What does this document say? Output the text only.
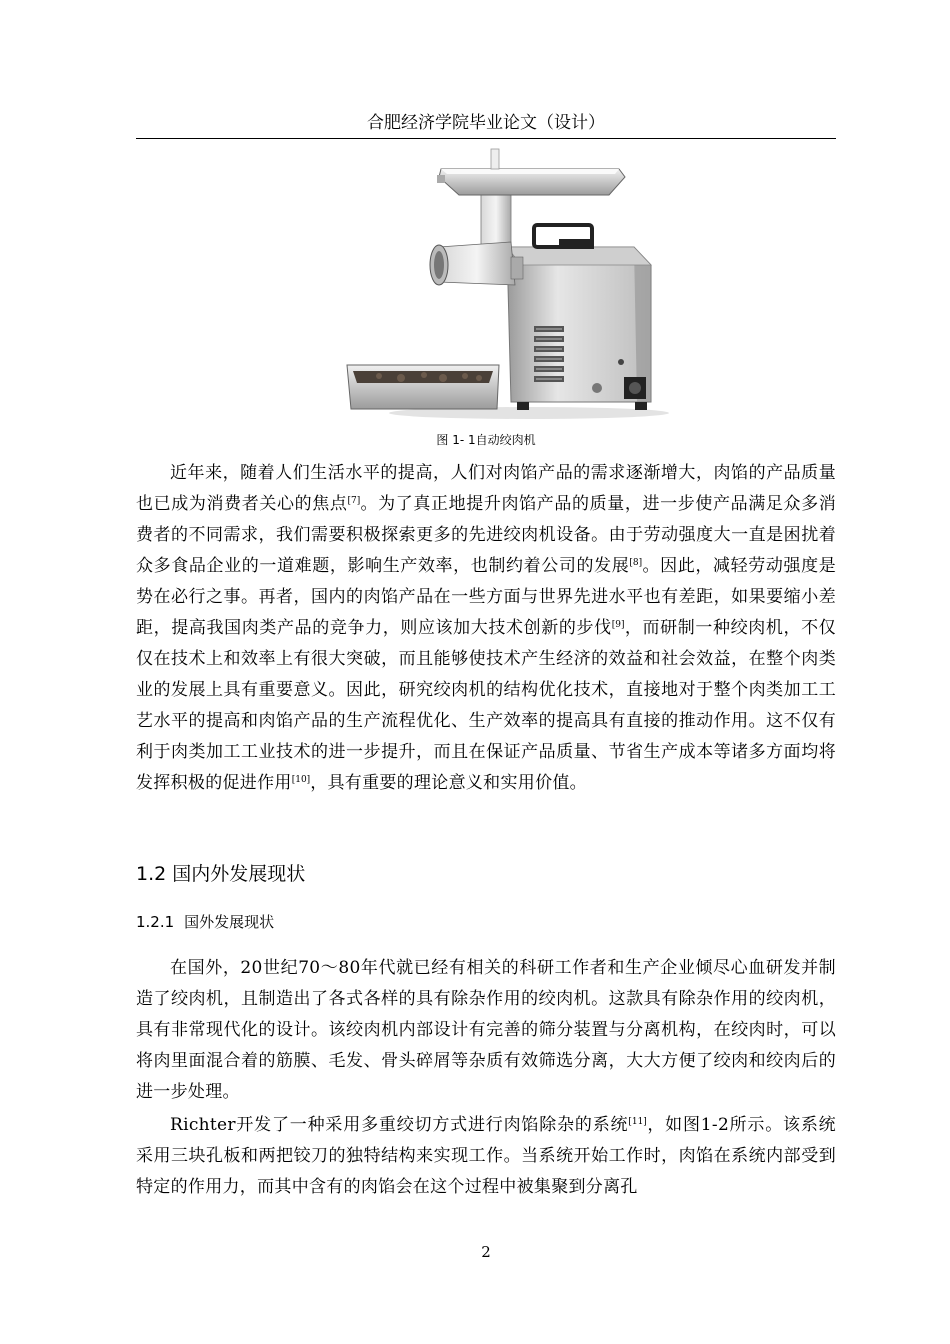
合肥经济学院毕业论文（设计）
图 1- 1自动绞肉机

近年来，随着人们生活水平的提高，人们对肉馅产品的需求逐渐增大，肉馅的产品质量也已成为消费者关心的焦点[7]。为了真正地提升肉馅产品的质量，进一步使产品满足众多消费者的不同需求，我们需要积极探索更多的先进绞肉机设备。由于劳动强度大一直是困扰着众多食品企业的一道难题，影响生产效率，也制约着公司的发展[8]。因此，减轻劳动强度是势在必行之事。再者，国内的肉馅产品在一些方面与世界先进水平也有差距，如果要缩小差距，提高我国肉类产品的竞争力，则应该加大技术创新的步伐[9]，而研制一种绞肉机，不仅仅在技术上和效率上有很大突破，而且能够使技术产生经济的效益和社会效益，在整个肉类业的发展上具有重要意义。因此，研究绞肉机的结构优化技术，直接地对于整个肉类加工工艺水平的提高和肉馅产品的生产流程优化、生产效率的提高具有直接的推动作用。这不仅有利于肉类加工工业技术的进一步提升，而且在保证产品质量、节省生产成本等诸多方面均将发挥积极的促进作用[10]，具有重要的理论意义和实用价值。

1.2 国内外发展现状
1.2.1 国外发展现状

在国外，20世纪70～80年代就已经有相关的科研工作者和生产企业倾尽心血研发并制造了绞肉机，且制造出了各式各样的具有除杂作用的绞肉机。这款具有除杂作用的绞肉机，具有非常现代化的设计。该绞肉机内部设计有完善的筛分装置与分离机构，在绞肉时，可以将肉里面混合着的筋膜、毛发、骨头碎屑等杂质有效筛选分离，大大方便了绞肉和绞肉后的进一步处理。

Richter开发了一种采用多重绞切方式进行肉馅除杂的系统[11]，如图1-2所示。该系统采用三块孔板和两把铰刀的独特结构来实现工作。当系统开始工作时，肉馅在系统内部受到特定的作用力，而其中含有的肉馅会在这个过程中被集聚到分离孔

2
